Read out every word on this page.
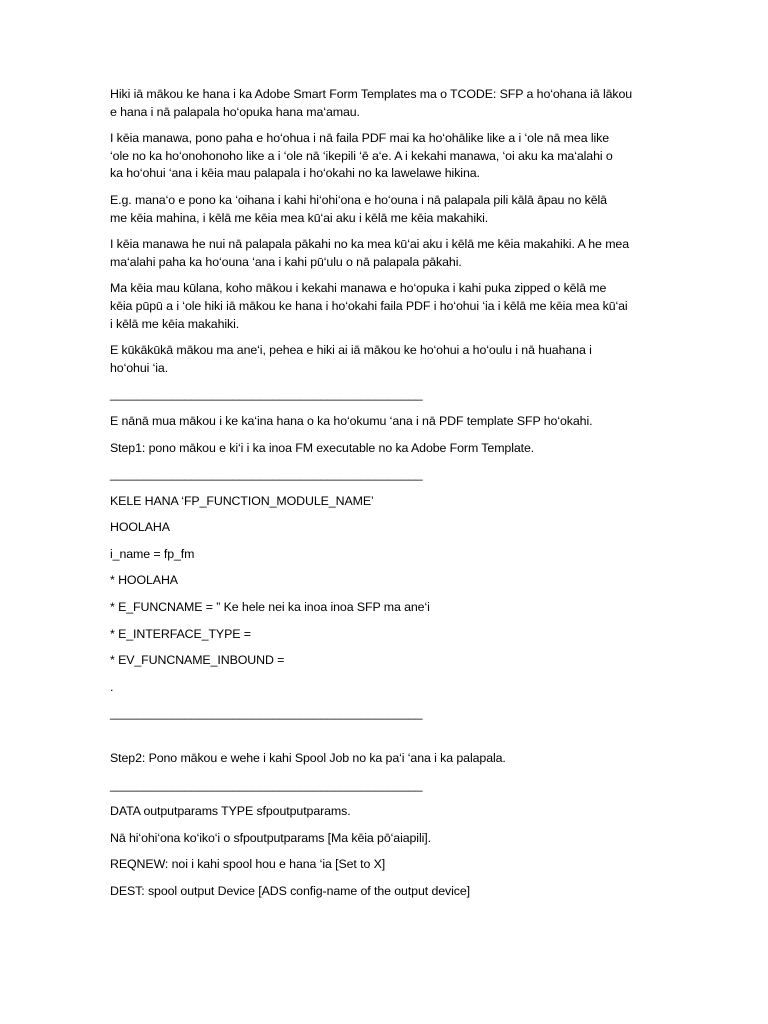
Hiki iā mākou ke hana i ka Adobe Smart Form Templates ma o TCODE: SFP a ho‘ohana iā lākou
e hana i nā palapala ho‘opuka hana ma‘amau.
I kēia manawa, pono paha e ho‘ohua i nā faila PDF mai ka ho‘ohālike like a i ‘ole nā mea like
‘ole no ka ho‘onohonoho like a i ‘ole nā ‘ikepili ‘ē a‘e. A i kekahi manawa, ‘oi aku ka ma‘alahi o
ka ho‘ohui ‘ana i kēia mau palapala i ho‘okahi no ka lawelawe hikina.
E.g. mana‘o e pono ka ‘oihana i kahi hi‘ohi‘ona e ho‘ouna i nā palapala pili kālā āpau no kēlā
me kēia mahina, i kēlā me kēia mea kū‘ai aku i kēlā me kēia makahiki.
I kēia manawa he nui nā palapala pākahi no ka mea kū‘ai aku i kēlā me kēia makahiki. A he mea
ma‘alahi paha ka ho‘ouna ‘ana i kahi pū‘ulu o nā palapala pākahi.
Ma kēia mau kūlana, koho mākou i kekahi manawa e ho‘opuka i kahi puka zipped o kēlā me
kēia pūpū a i ‘ole hiki iā mākou ke hana i ho‘okahi faila PDF i ho‘ohui ‘ia i kēlā me kēia mea kū‘ai
i kēlā me kēia makahiki.
E kūkākūkā mākou ma ane‘i, pehea e hiki ai iā mākou ke ho‘ohui a ho‘oulu i nā huahana i
ho‘ohui ‘ia.
______________________________________________
E nānā mua mākou i ke ka‘ina hana o ka ho‘okumu ‘ana i nā PDF template SFP ho‘okahi.
Step1: pono mākou e ki‘i i ka inoa FM executable no ka Adobe Form Template.
______________________________________________
KELE HANA ‘FP_FUNCTION_MODULE_NAME’
HOOLAHA
i_name = fp_fm
* HOOLAHA
* E_FUNCNAME = ” Ke hele nei ka inoa inoa SFP ma ane‘i
* E_INTERFACE_TYPE =
* EV_FUNCNAME_INBOUND =
.
______________________________________________
Step2: Pono mākou e wehe i kahi Spool Job no ka pa‘i ‘ana i ka palapala.
______________________________________________
DATA outputparams TYPE sfpoutputparams.
Nā hi‘ohi‘ona ko‘iko‘i o sfpoutputparams [Ma kēia pō‘aiapili].
REQNEW: noi i kahi spool hou e hana ‘ia [Set to X]
DEST: spool output Device [ADS config-name of the output device]
